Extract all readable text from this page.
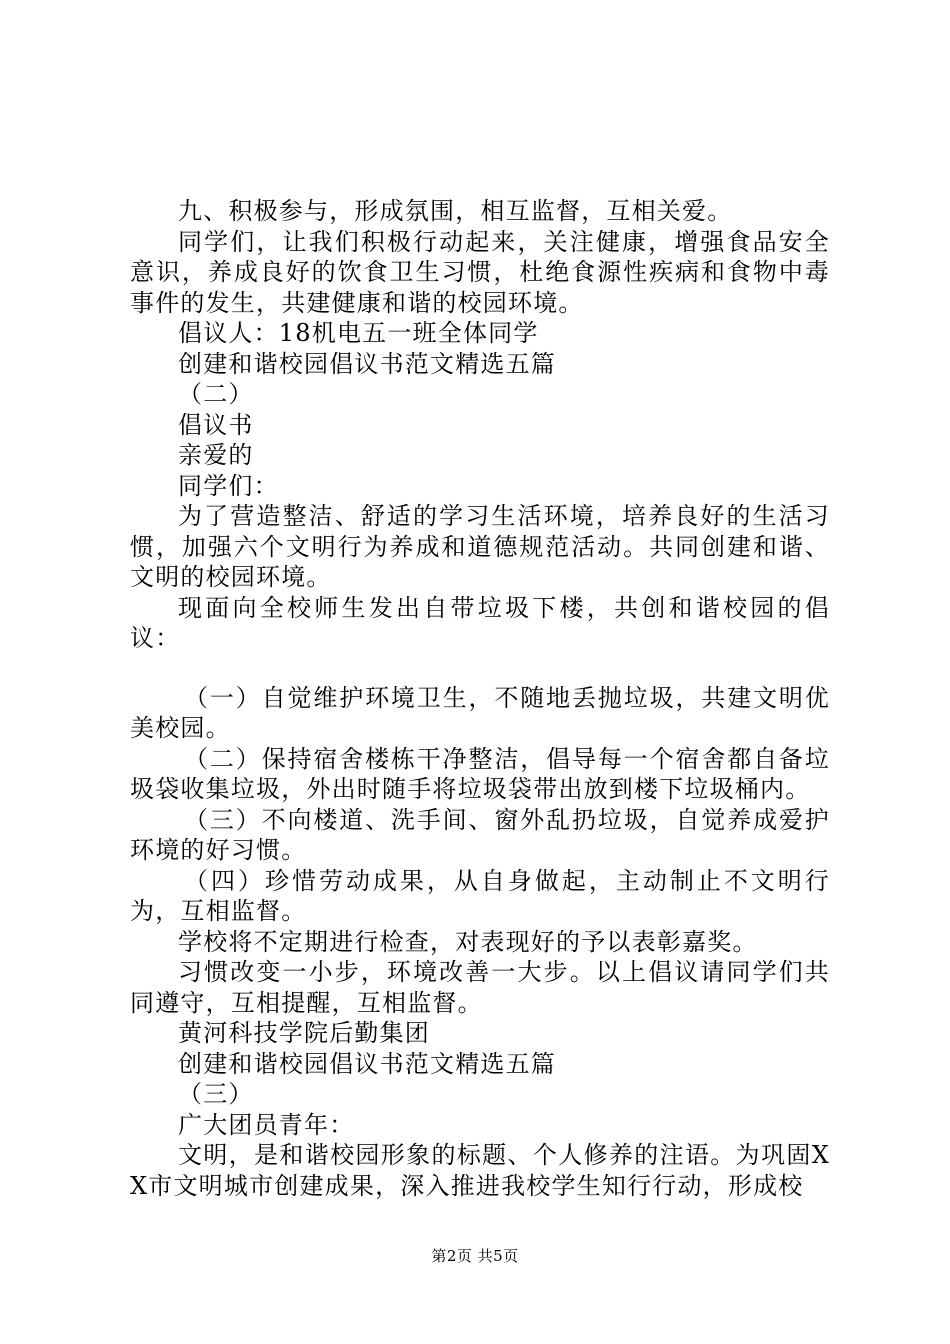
九、积极参与，形成氛围，相互监督，互相关爱。

同学们，让我们积极行动起来，关注健康，增强食品安全意识，养成良好的饮食卫生习惯，杜绝食源性疾病和食物中毒事件的发生，共建健康和谐的校园环境。

倡议人：18机电五一班全体同学

创建和谐校园倡议书范文精选五篇

（二）

倡议书

亲爱的

同学们：

为了营造整洁、舒适的学习生活环境，培养良好的生活习惯，加强六个文明行为养成和道德规范活动。共同创建和谐、文明的校园环境。

现面向全校师生发出自带垃圾下楼，共创和谐校园的倡议：

（一）自觉维护环境卫生，不随地丢抛垃圾，共建文明优美校园。

（二）保持宿舍楼栋干净整洁，倡导每一个宿舍都自备垃圾袋收集垃圾，外出时随手将垃圾袋带出放到楼下垃圾桶内。

（三）不向楼道、洗手间、窗外乱扔垃圾，自觉养成爱护环境的好习惯。

（四）珍惜劳动成果，从自身做起，主动制止不文明行为，互相监督。

学校将不定期进行检查，对表现好的予以表彰嘉奖。

习惯改变一小步，环境改善一大步。以上倡议请同学们共同遵守，互相提醒，互相监督。

黄河科技学院后勤集团

创建和谐校园倡议书范文精选五篇

（三）

广大团员青年：

文明，是和谐校园形象的标题、个人修养的注语。为巩固XX市文明城市创建成果，深入推进我校学生知行行动，形成校

第2页 共5页
